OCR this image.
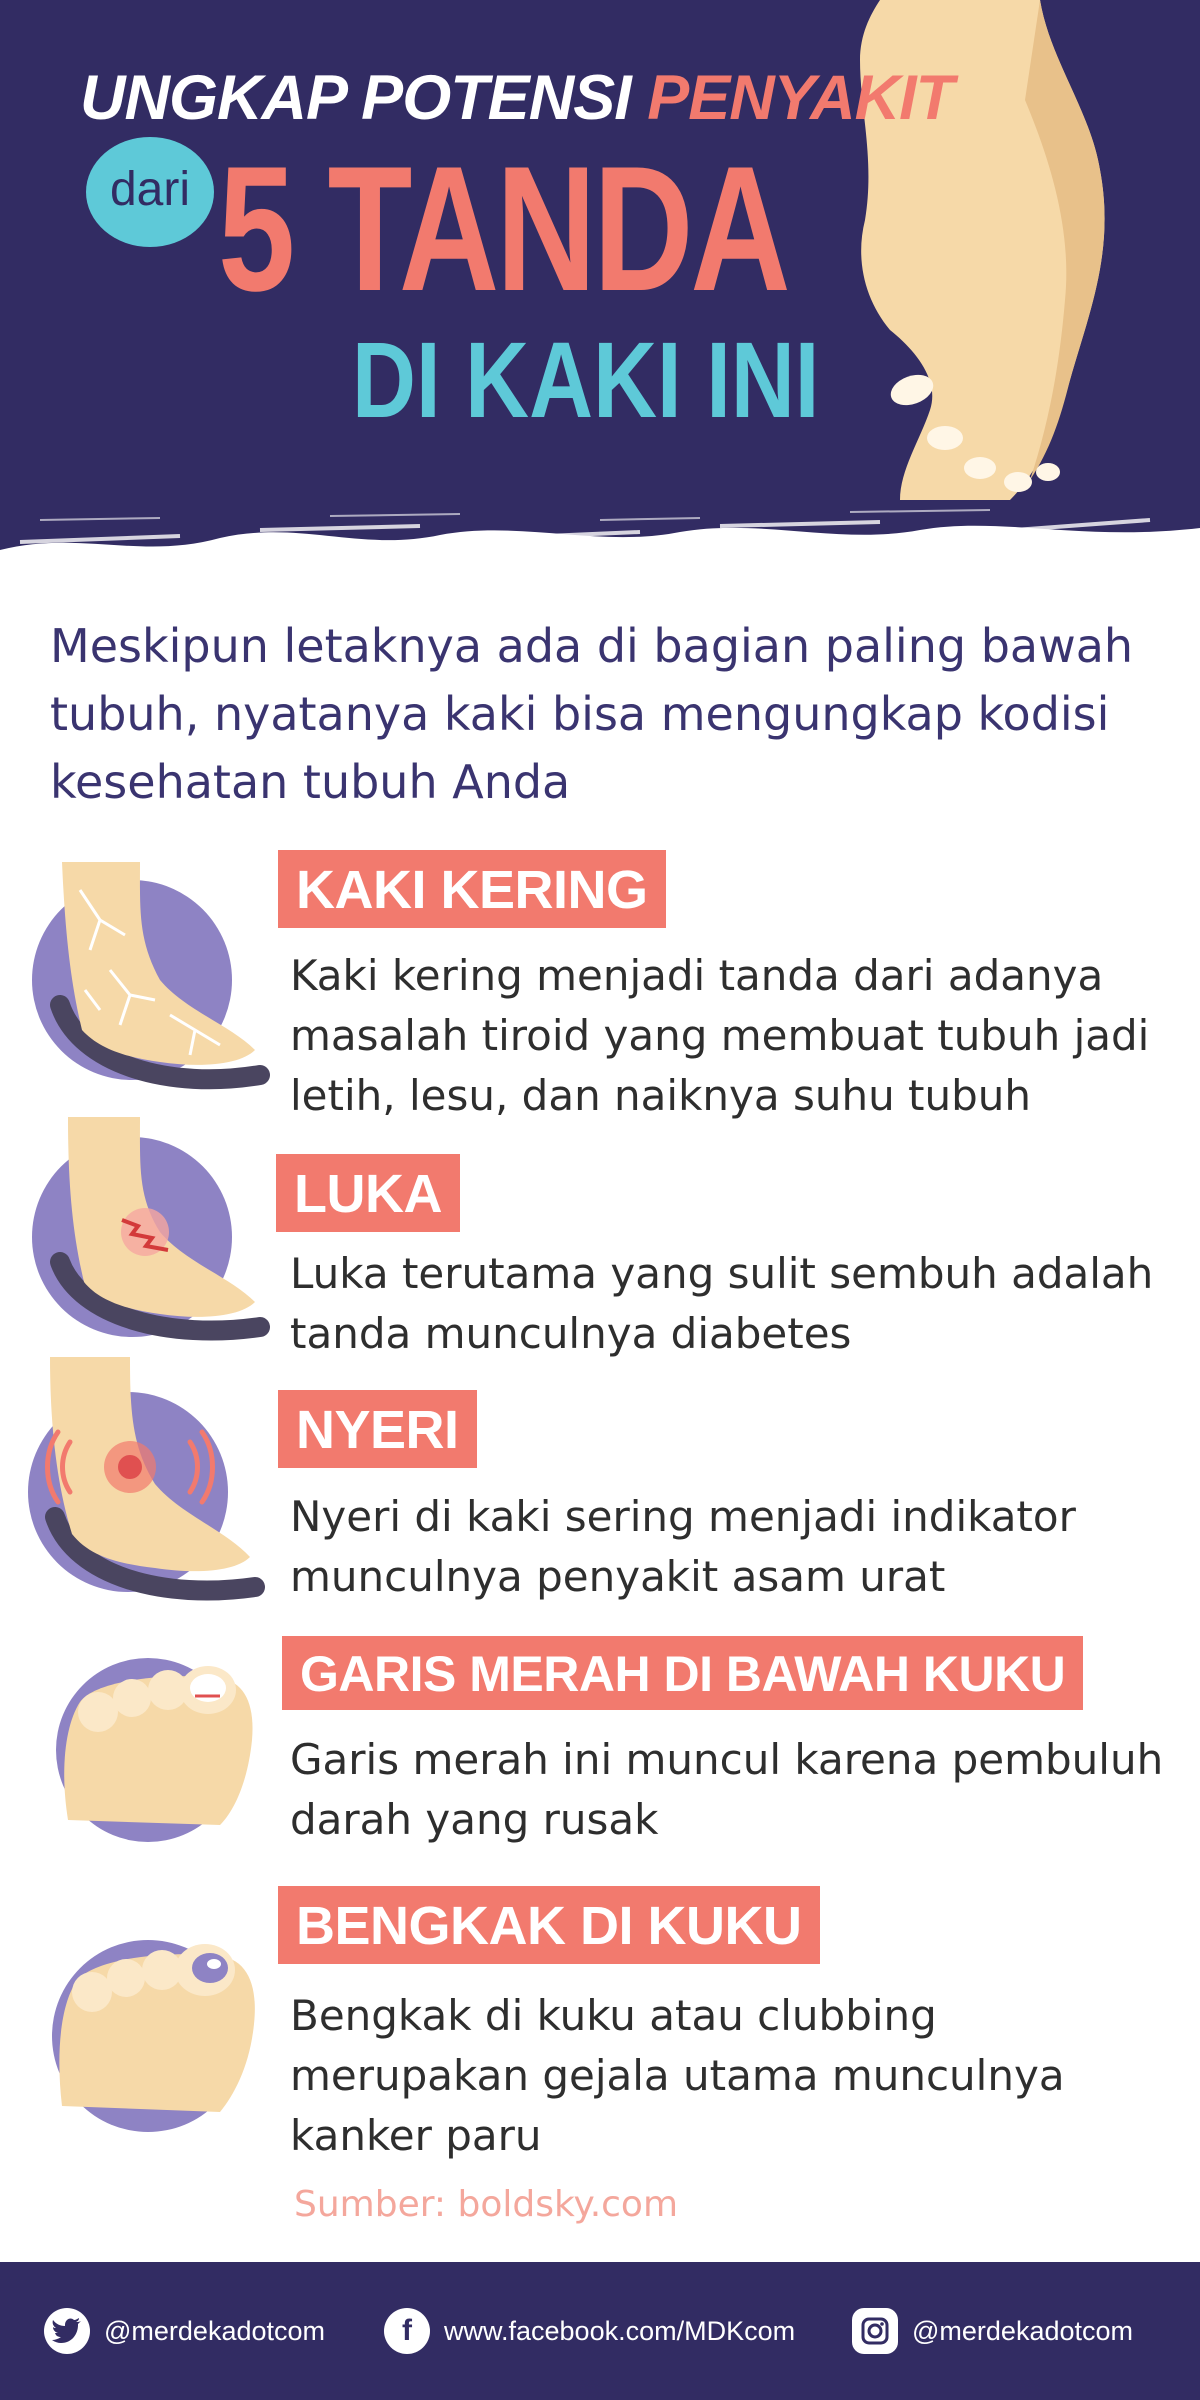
UNGKAP POTENSI PENYAKIT
dari 5 TANDA
DI KAKI INI
Meskipun letaknya ada di bagian paling bawah tubuh, nyatanya kaki bisa mengungkap kodisi kesehatan tubuh Anda
KAKI KERING
Kaki kering menjadi tanda dari adanya masalah tiroid yang membuat tubuh jadi letih, lesu, dan naiknya suhu tubuh
LUKA
Luka terutama yang sulit sembuh adalah tanda munculnya diabetes
NYERI
Nyeri di kaki sering menjadi indikator munculnya penyakit asam urat
GARIS MERAH DI BAWAH KUKU
Garis merah ini muncul karena pembuluh darah yang rusak
BENGKAK DI KUKU
Bengkak di kuku atau clubbing merupakan gejala utama munculnya kanker paru
Sumber: boldsky.com
@merdekadotcom	f	www.facebook.com/MDKcom	@merdekadotcom
